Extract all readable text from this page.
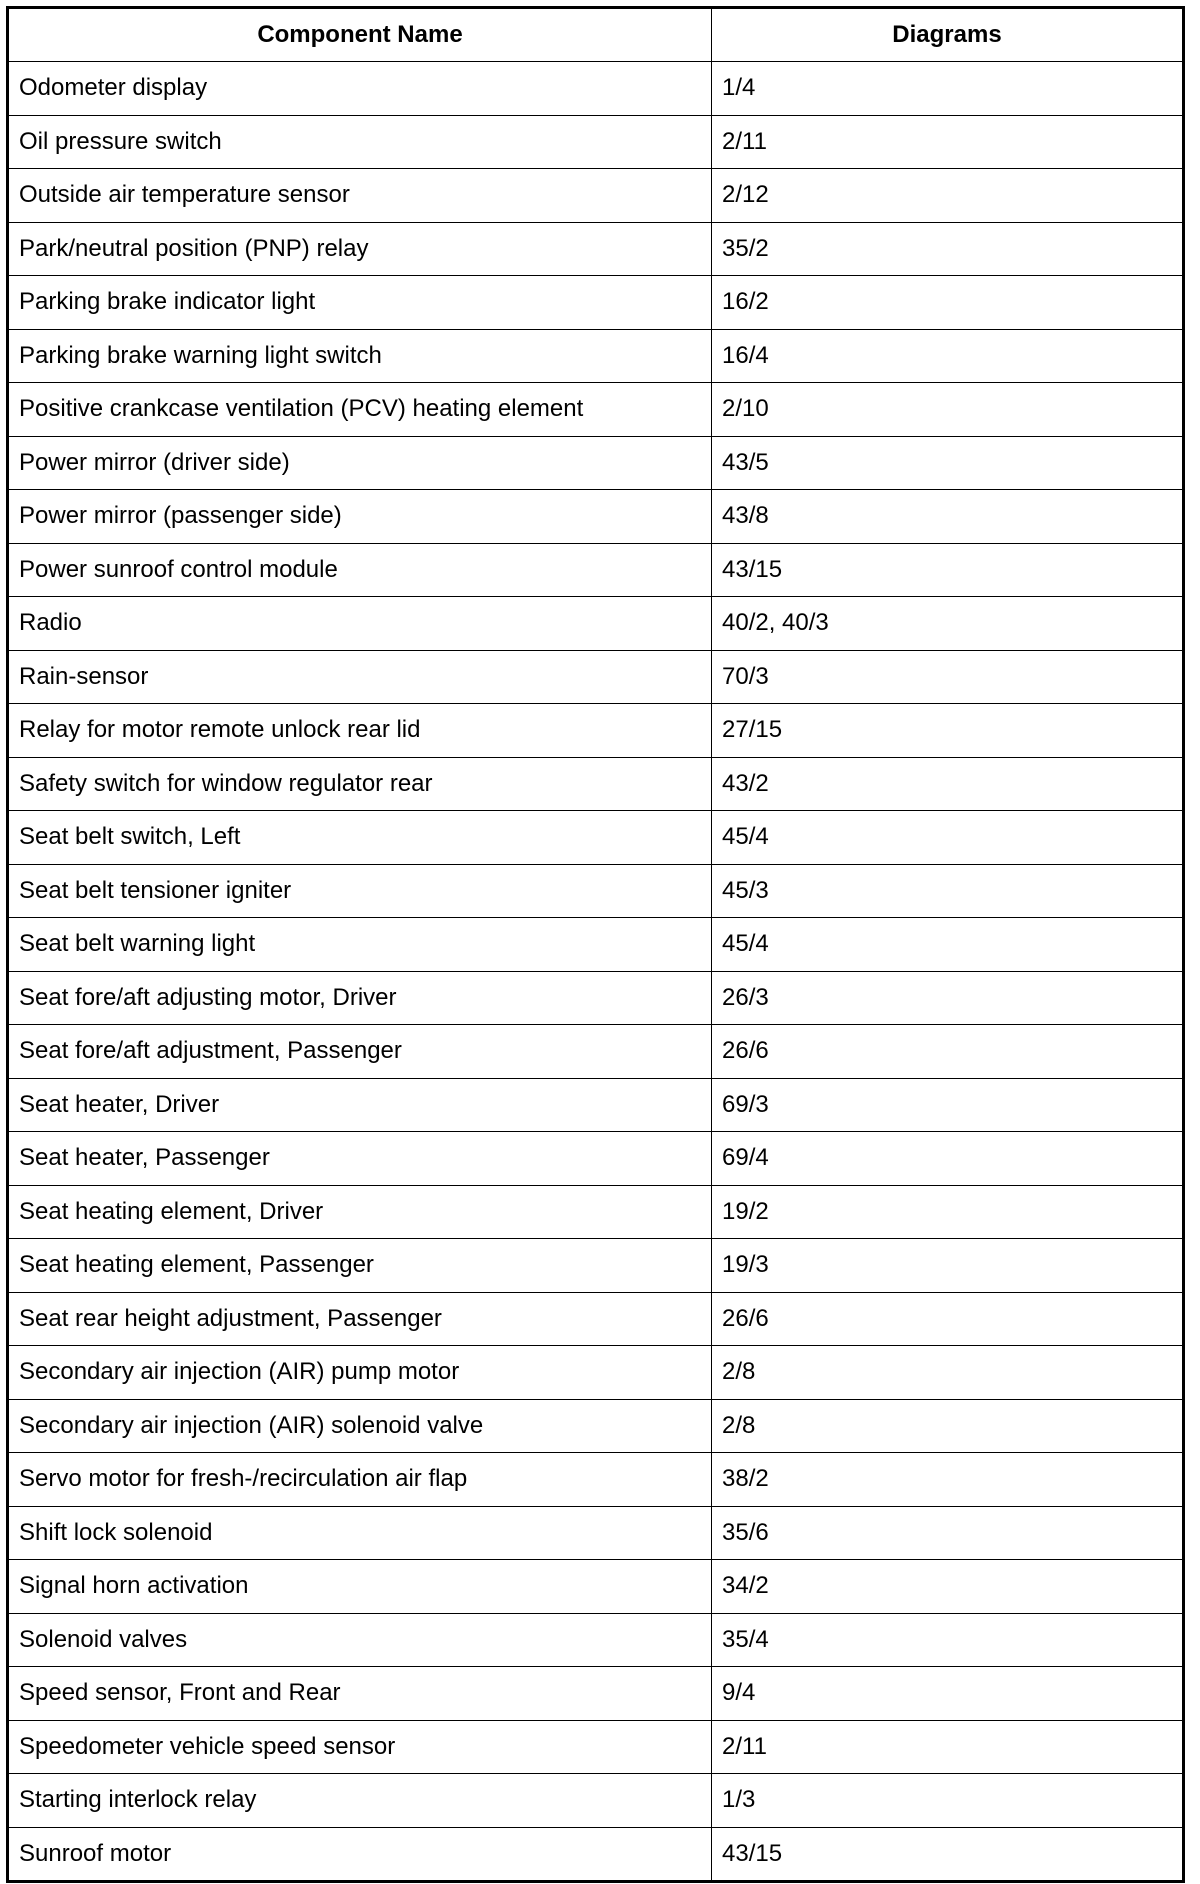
Component Name	Diagrams
Odometer display	1/4
Oil pressure switch	2/11
Outside air temperature sensor	2/12
Park/neutral position (PNP) relay	35/2
Parking brake indicator light	16/2
Parking brake warning light switch	16/4
Positive crankcase ventilation (PCV) heating element	2/10
Power mirror (driver side)	43/5
Power mirror (passenger side)	43/8
Power sunroof control module	43/15
Radio	40/2, 40/3
Rain-sensor	70/3
Relay for motor remote unlock rear lid	27/15
Safety switch for window regulator rear	43/2
Seat belt switch, Left	45/4
Seat belt tensioner igniter	45/3
Seat belt warning light	45/4
Seat fore/aft adjusting motor, Driver	26/3
Seat fore/aft adjustment, Passenger	26/6
Seat heater, Driver	69/3
Seat heater, Passenger	69/4
Seat heating element, Driver	19/2
Seat heating element, Passenger	19/3
Seat rear height adjustment, Passenger	26/6
Secondary air injection (AIR) pump motor	2/8
Secondary air injection (AIR) solenoid valve	2/8
Servo motor for fresh-/recirculation air flap	38/2
Shift lock solenoid	35/6
Signal horn activation	34/2
Solenoid valves	35/4
Speed sensor, Front and Rear	9/4
Speedometer vehicle speed sensor	2/11
Starting interlock relay	1/3
Sunroof motor	43/15
